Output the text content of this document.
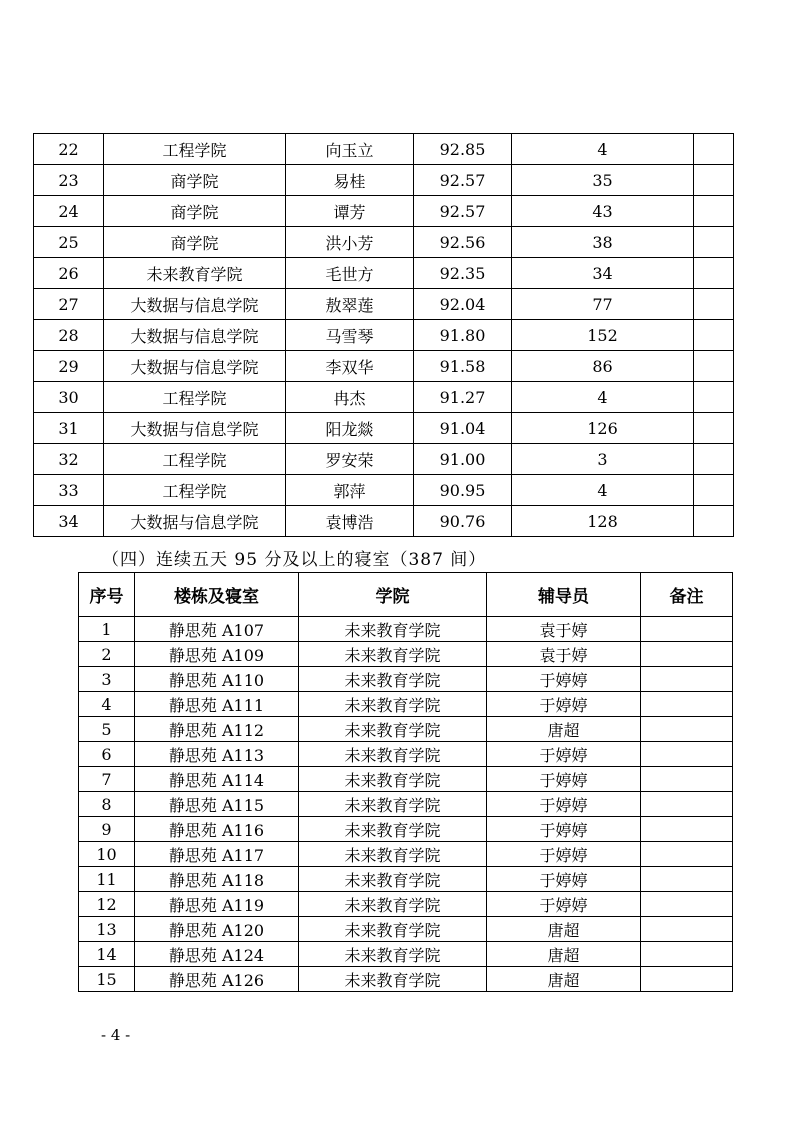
22	工程学院	向玉立	92.85	4	
23	商学院	易桂	92.57	35	
24	商学院	谭芳	92.57	43	
25	商学院	洪小芳	92.56	38	
26	未来教育学院	毛世方	92.35	34	
27	大数据与信息学院	敖翠莲	92.04	77	
28	大数据与信息学院	马雪琴	91.80	152	
29	大数据与信息学院	李双华	91.58	86	
30	工程学院	冉杰	91.27	4	
31	大数据与信息学院	阳龙燚	91.04	126	
32	工程学院	罗安荣	91.00	3	
33	工程学院	郭萍	90.95	4	
34	大数据与信息学院	袁博浩	90.76	128	
（四）连续五天 95 分及以上的寝室（387 间）
序号	楼栋及寝室	学院	辅导员	备注
1	静思苑 A107	未来教育学院	袁于婷	
2	静思苑 A109	未来教育学院	袁于婷	
3	静思苑 A110	未来教育学院	于婷婷	
4	静思苑 A111	未来教育学院	于婷婷	
5	静思苑 A112	未来教育学院	唐超	
6	静思苑 A113	未来教育学院	于婷婷	
7	静思苑 A114	未来教育学院	于婷婷	
8	静思苑 A115	未来教育学院	于婷婷	
9	静思苑 A116	未来教育学院	于婷婷	
10	静思苑 A117	未来教育学院	于婷婷	
11	静思苑 A118	未来教育学院	于婷婷	
12	静思苑 A119	未来教育学院	于婷婷	
13	静思苑 A120	未来教育学院	唐超	
14	静思苑 A124	未来教育学院	唐超	
15	静思苑 A126	未来教育学院	唐超	
- 4 -
